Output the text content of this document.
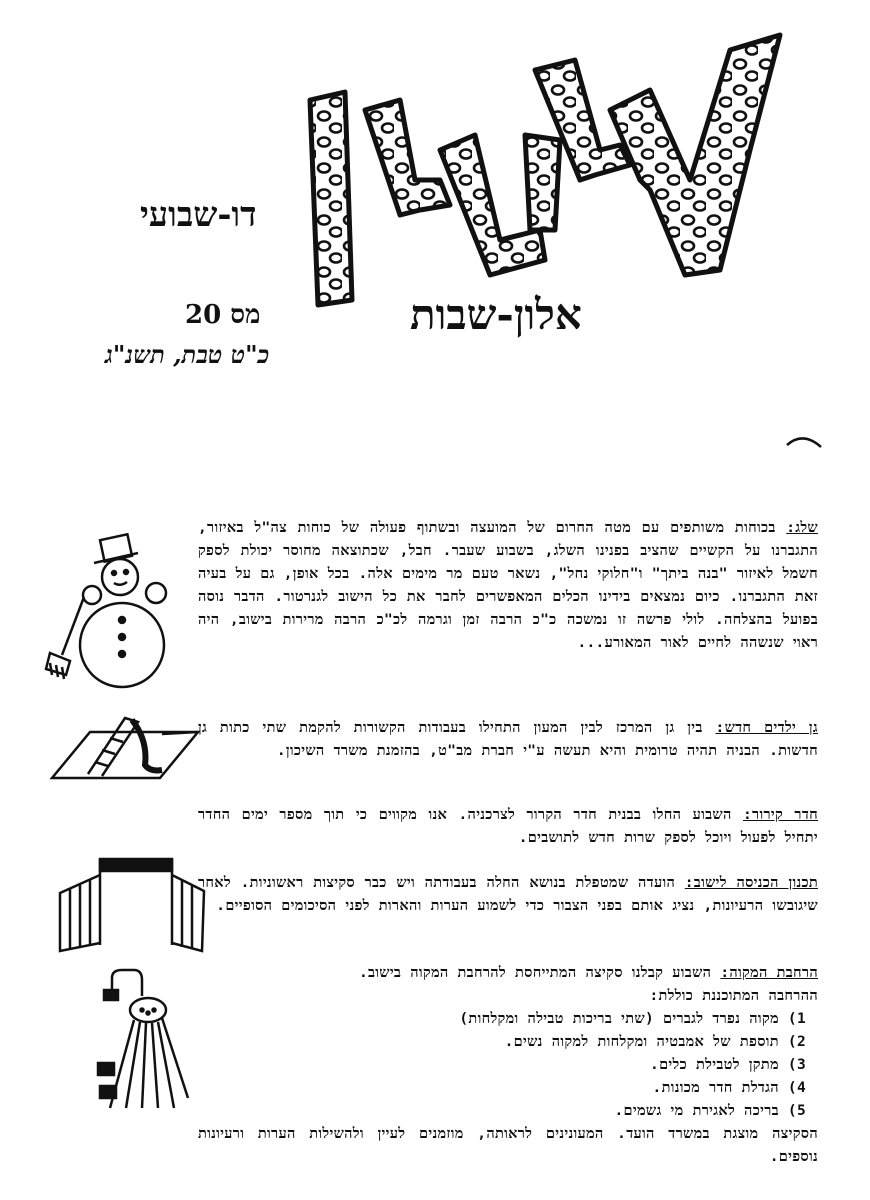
דו-שבועי
אלון-שבות
מס 20
כ"ט טבת, תשנ"ג
שלג: בכוחות משותפים עם מטה החרום של המועצה ובשתוף פעולה של כוחות צה"ל באיזור, התגברנו על הקשיים שהציב בפנינו השלג, בשבוע שעבר. חבל, שכתוצאה מחוסר יכולת לספק חשמל לאיזור "בנה ביתך" ו"חלוקי נחל", נשאר טעם מר מימים אלה. בכל אופן, גם על בעיה זאת התגברנו. כיום נמצאים בידינו הכלים המאפשרים לחבר את כל הישוב לגנרטור. הדבר נוסה בפועל בהצלחה. לולי פרשה זו נמשכה כ"כ הרבה זמן וגרמה לכ"כ הרבה מרירות בישוב, היה ראוי שנשהה לחיים לאור המאורע...
גן ילדים חדש: בין גן המרכז לבין המעון התחילו בעבודות הקשורות להקמת שתי כתות גן חדשות. הבניה תהיה טרומית והיא תעשה ע"י חברת מב"ט, בהזמנת משרד השיכון.
חדר קירור: השבוע החלו בבנית חדר הקרור לצרכניה. אנו מקווים כי תוך מספר ימים החדר יתחיל לפעול ויוכל לספק שרות חדש לתושבים.
תכנון הכניסה לישוב: הועדה שמטפלת בנושא החלה בעבודתה ויש כבר סקיצות ראשוניות. לאחר שיגובשו הרעיונות, נציג אותם בפני הצבור כדי לשמוע הערות והארות לפני הסיכומים הסופיים.
הרחבת המקוה: השבוע קבלנו סקיצה המתייחסת להרחבת המקוה בישוב.
ההרחבה המתוכננת כוללת:
1) מקוה נפרד לגברים (שתי בריכות טבילה ומקלחות)
2) תוספת של אמבטיה ומקלחות למקוה נשים.
3) מתקן לטבילת כלים.
4) הגדלת חדר מכונות.
5) בריכה לאגירת מי גשמים.
הסקיצה מוצגת במשרד הועד. המעונינים לראותה, מוזמנים לעיין ולהשילות הערות ורעיונות נוספים.
